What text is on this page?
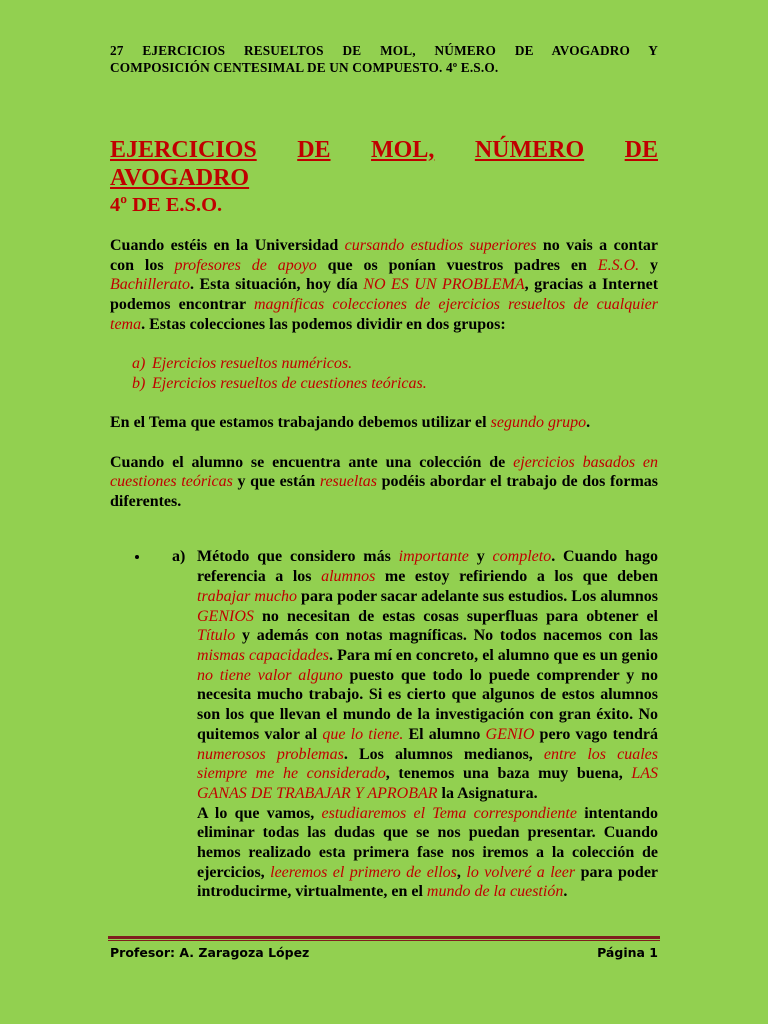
27 EJERCICIOS RESUELTOS DE MOL, NÚMERO DE AVOGADRO Y
COMPOSICIÓN CENTESIMAL DE UN COMPUESTO. 4º E.S.O.
EJERCICIOS DE MOL, NÚMERO DE
AVOGADRO
4º DE E.S.O.

Cuando estéis en la Universidad cursando estudios superiores no vais a contar con los profesores de apoyo que os ponían vuestros padres en E.S.O. y Bachillerato. Esta situación, hoy día NO ES UN PROBLEMA, gracias a Internet podemos encontrar magníficas colecciones de ejercicios resueltos de cualquier tema. Estas colecciones las podemos dividir en dos grupos:

a) Ejercicios resueltos numéricos.
b) Ejercicios resueltos de cuestiones teóricas.

En el Tema que estamos trabajando debemos utilizar el segundo grupo.

Cuando el alumno se encuentra ante una colección de ejercicios basados en cuestiones teóricas y que están resueltas podéis abordar el trabajo de dos formas diferentes.

• a) Método que considero más importante y completo. Cuando hago referencia a los alumnos me estoy refiriendo a los que deben trabajar mucho para poder sacar adelante sus estudios. Los alumnos GENIOS no necesitan de estas cosas superfluas para obtener el Título y además con notas magníficas. No todos nacemos con las mismas capacidades. Para mí en concreto, el alumno que es un genio no tiene valor alguno puesto que todo lo puede comprender y no necesita mucho trabajo. Si es cierto que algunos de estos alumnos son los que llevan el mundo de la investigación con gran éxito. No quitemos valor al que lo tiene. El alumno GENIO pero vago tendrá numerosos problemas. Los alumnos medianos, entre los cuales siempre me he considerado, tenemos una baza muy buena, LAS GANAS DE TRABAJAR Y APROBAR la Asignatura.
A lo que vamos, estudiaremos el Tema correspondiente intentando eliminar todas las dudas que se nos puedan presentar. Cuando hemos realizado esta primera fase nos iremos a la colección de ejercicios, leeremos el primero de ellos, lo volveré a leer para poder introducirme, virtualmente, en el mundo de la cuestión.
Profesor: A. Zaragoza López	Página 1
